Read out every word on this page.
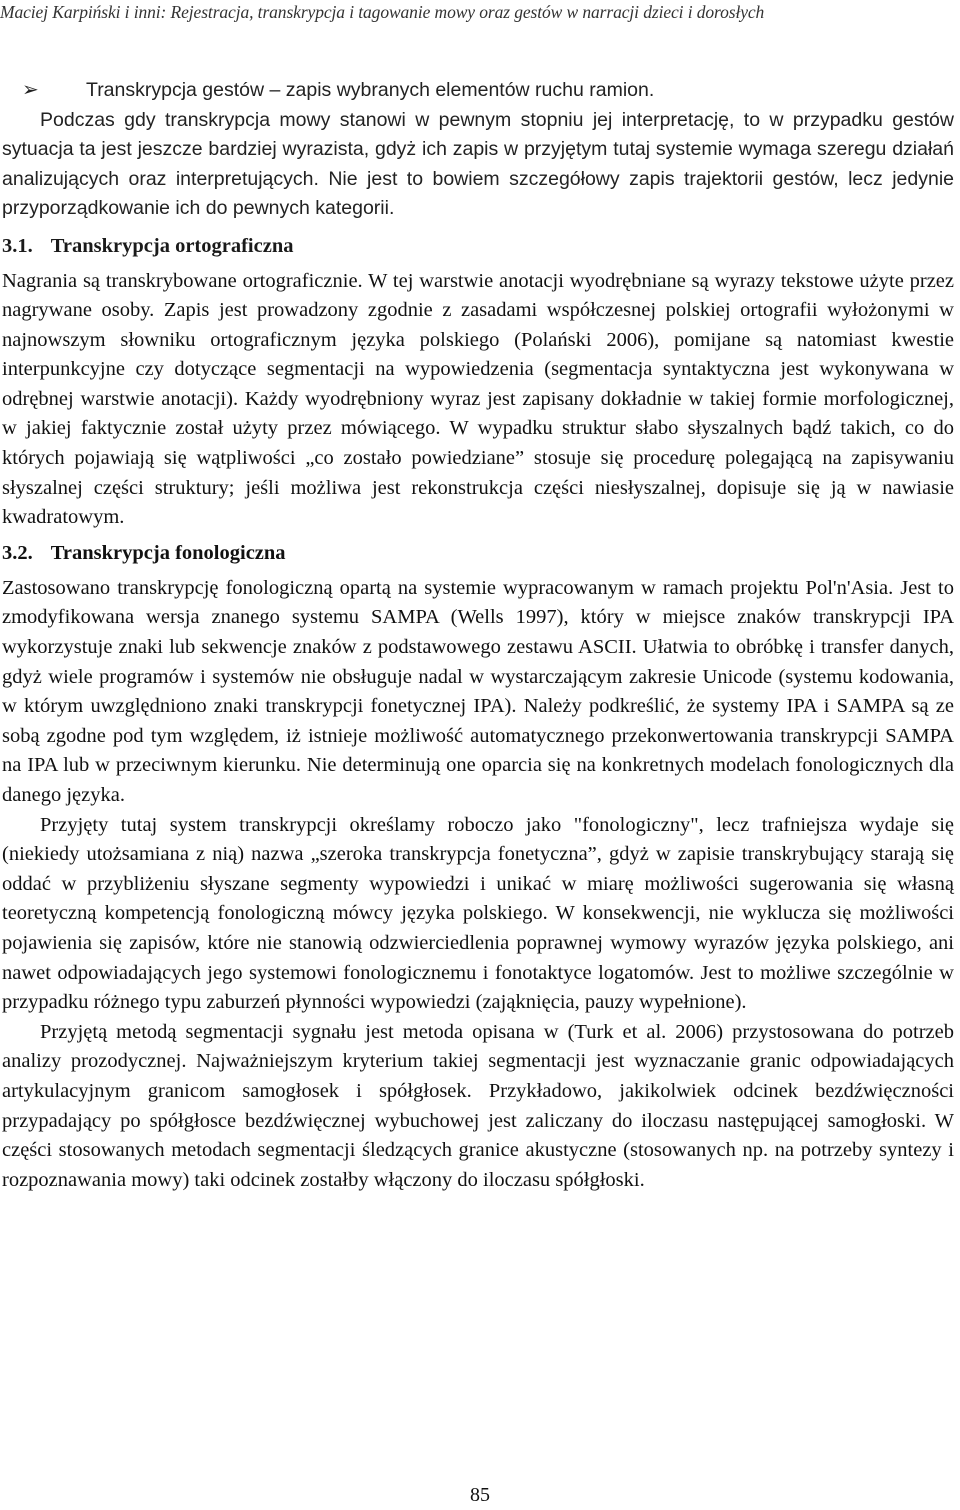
Maciej Karpiński i inni: Rejestracja, transkrypcja i tagowanie mowy oraz gestów w narracji dzieci i dorosłych

➢ Transkrypcja gestów – zapis wybranych elementów ruchu ramion.

Podczas gdy transkrypcja mowy stanowi w pewnym stopniu jej interpretację, to w przypadku gestów sytuacja ta jest jeszcze bardziej wyrazista, gdyż ich zapis w przyjętym tutaj systemie wymaga szeregu działań analizujących oraz interpretujących. Nie jest to bowiem szczegółowy zapis trajektorii gestów, lecz jedynie przyporządkowanie ich do pewnych kategorii.

3.1. Transkrypcja ortograficzna

Nagrania są transkrybowane ortograficznie. W tej warstwie anotacji wyodrębniane są wyrazy tekstowe użyte przez nagrywane osoby. Zapis jest prowadzony zgodnie z zasadami współczesnej polskiej ortografii wyłożonymi w najnowszym słowniku ortograficznym języka polskiego (Polański 2006), pomijane są natomiast kwestie interpunkcyjne czy dotyczące segmentacji na wypowiedzenia (segmentacja syntaktyczna jest wykonywana w odrębnej warstwie anotacji). Każdy wyodrębniony wyraz jest zapisany dokładnie w takiej formie morfologicznej, w jakiej faktycznie został użyty przez mówiącego. W wypadku struktur słabo słyszalnych bądź takich, co do których pojawiają się wątpliwości „co zostało powiedziane” stosuje się procedurę polegającą na zapisywaniu słyszalnej części struktury; jeśli możliwa jest rekonstrukcja części niesłyszalnej, dopisuje się ją w nawiasie kwadratowym.

3.2. Transkrypcja fonologiczna

Zastosowano transkrypcję fonologiczną opartą na systemie wypracowanym w ramach projektu Pol'n'Asia. Jest to zmodyfikowana wersja znanego systemu SAMPA (Wells 1997), który w miejsce znaków transkrypcji IPA wykorzystuje znaki lub sekwencje znaków z podstawowego zestawu ASCII. Ułatwia to obróbkę i transfer danych, gdyż wiele programów i systemów nie obsługuje nadal w wystarczającym zakresie Unicode (systemu kodowania, w którym uwzględniono znaki transkrypcji fonetycznej IPA). Należy podkreślić, że systemy IPA i SAMPA są ze sobą zgodne pod tym względem, iż istnieje możliwość automatycznego przekonwertowania transkrypcji SAMPA na IPA lub w przeciwnym kierunku. Nie determinują one oparcia się na konkretnych modelach fonologicznych dla danego języka.

Przyjęty tutaj system transkrypcji określamy roboczo jako "fonologiczny", lecz trafniejsza wydaje się (niekiedy utożsamiana z nią) nazwa „szeroka transkrypcja fonetyczna”, gdyż w zapisie transkrybujący starają się oddać w przybliżeniu słyszane segmenty wypowiedzi i unikać w miarę możliwości sugerowania się własną teoretyczną kompetencją fonologiczną mówcy języka polskiego. W konsekwencji, nie wyklucza się możliwości pojawienia się zapisów, które nie stanowią odzwierciedlenia poprawnej wymowy wyrazów języka polskiego, ani nawet odpowiadających jego systemowi fonologicznemu i fonotaktyce logatomów. Jest to możliwe szczególnie w przypadku różnego typu zaburzeń płynności wypowiedzi (zająknięcia, pauzy wypełnione).

Przyjętą metodą segmentacji sygnału jest metoda opisana w (Turk et al. 2006) przystosowana do potrzeb analizy prozodycznej. Najważniejszym kryterium takiej segmentacji jest wyznaczanie granic odpowiadających artykulacyjnym granicom samogłosek i spółgłosek. Przykładowo, jakikolwiek odcinek bezdźwięczności przypadający po spółgłosce bezdźwięcznej wybuchowej jest zaliczany do iloczasu następującej samogłoski. W części stosowanych metodach segmentacji śledzących granice akustyczne (stosowanych np. na potrzeby syntezy i rozpoznawania mowy) taki odcinek zostałby włączony do iloczasu spółgłoski.

85
